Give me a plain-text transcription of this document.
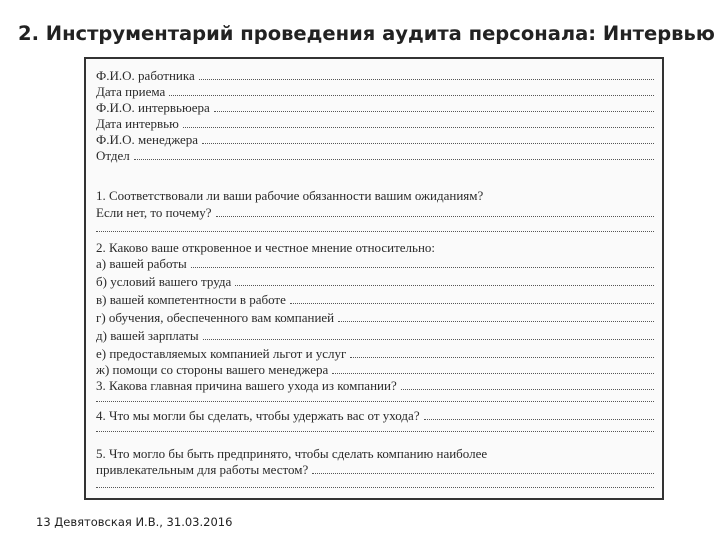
2. Инструментарий проведения аудита персонала: Интервью
Ф.И.О. работника
Дата приема
Ф.И.О. интервьюера
Дата интервью
Ф.И.О. менеджера
Отдел
1. Соответствовали ли ваши рабочие обязанности вашим ожиданиям?
Если нет, то почему?
2. Каково ваше откровенное и честное мнение относительно:
а) вашей работы
б) условий вашего труда
в) вашей компетентности в работе
г) обучения, обеспеченного вам компанией
д) вашей зарплаты
е) предоставляемых компанией льгот и услуг
ж) помощи со стороны вашего менеджера
3. Какова главная причина вашего ухода из компании?
4. Что мы могли бы сделать, чтобы удержать вас от ухода?
5. Что могло бы быть предпринято, чтобы сделать компанию наиболее
привлекательным для работы местом?
13 Девятовская И.В., 31.03.2016
